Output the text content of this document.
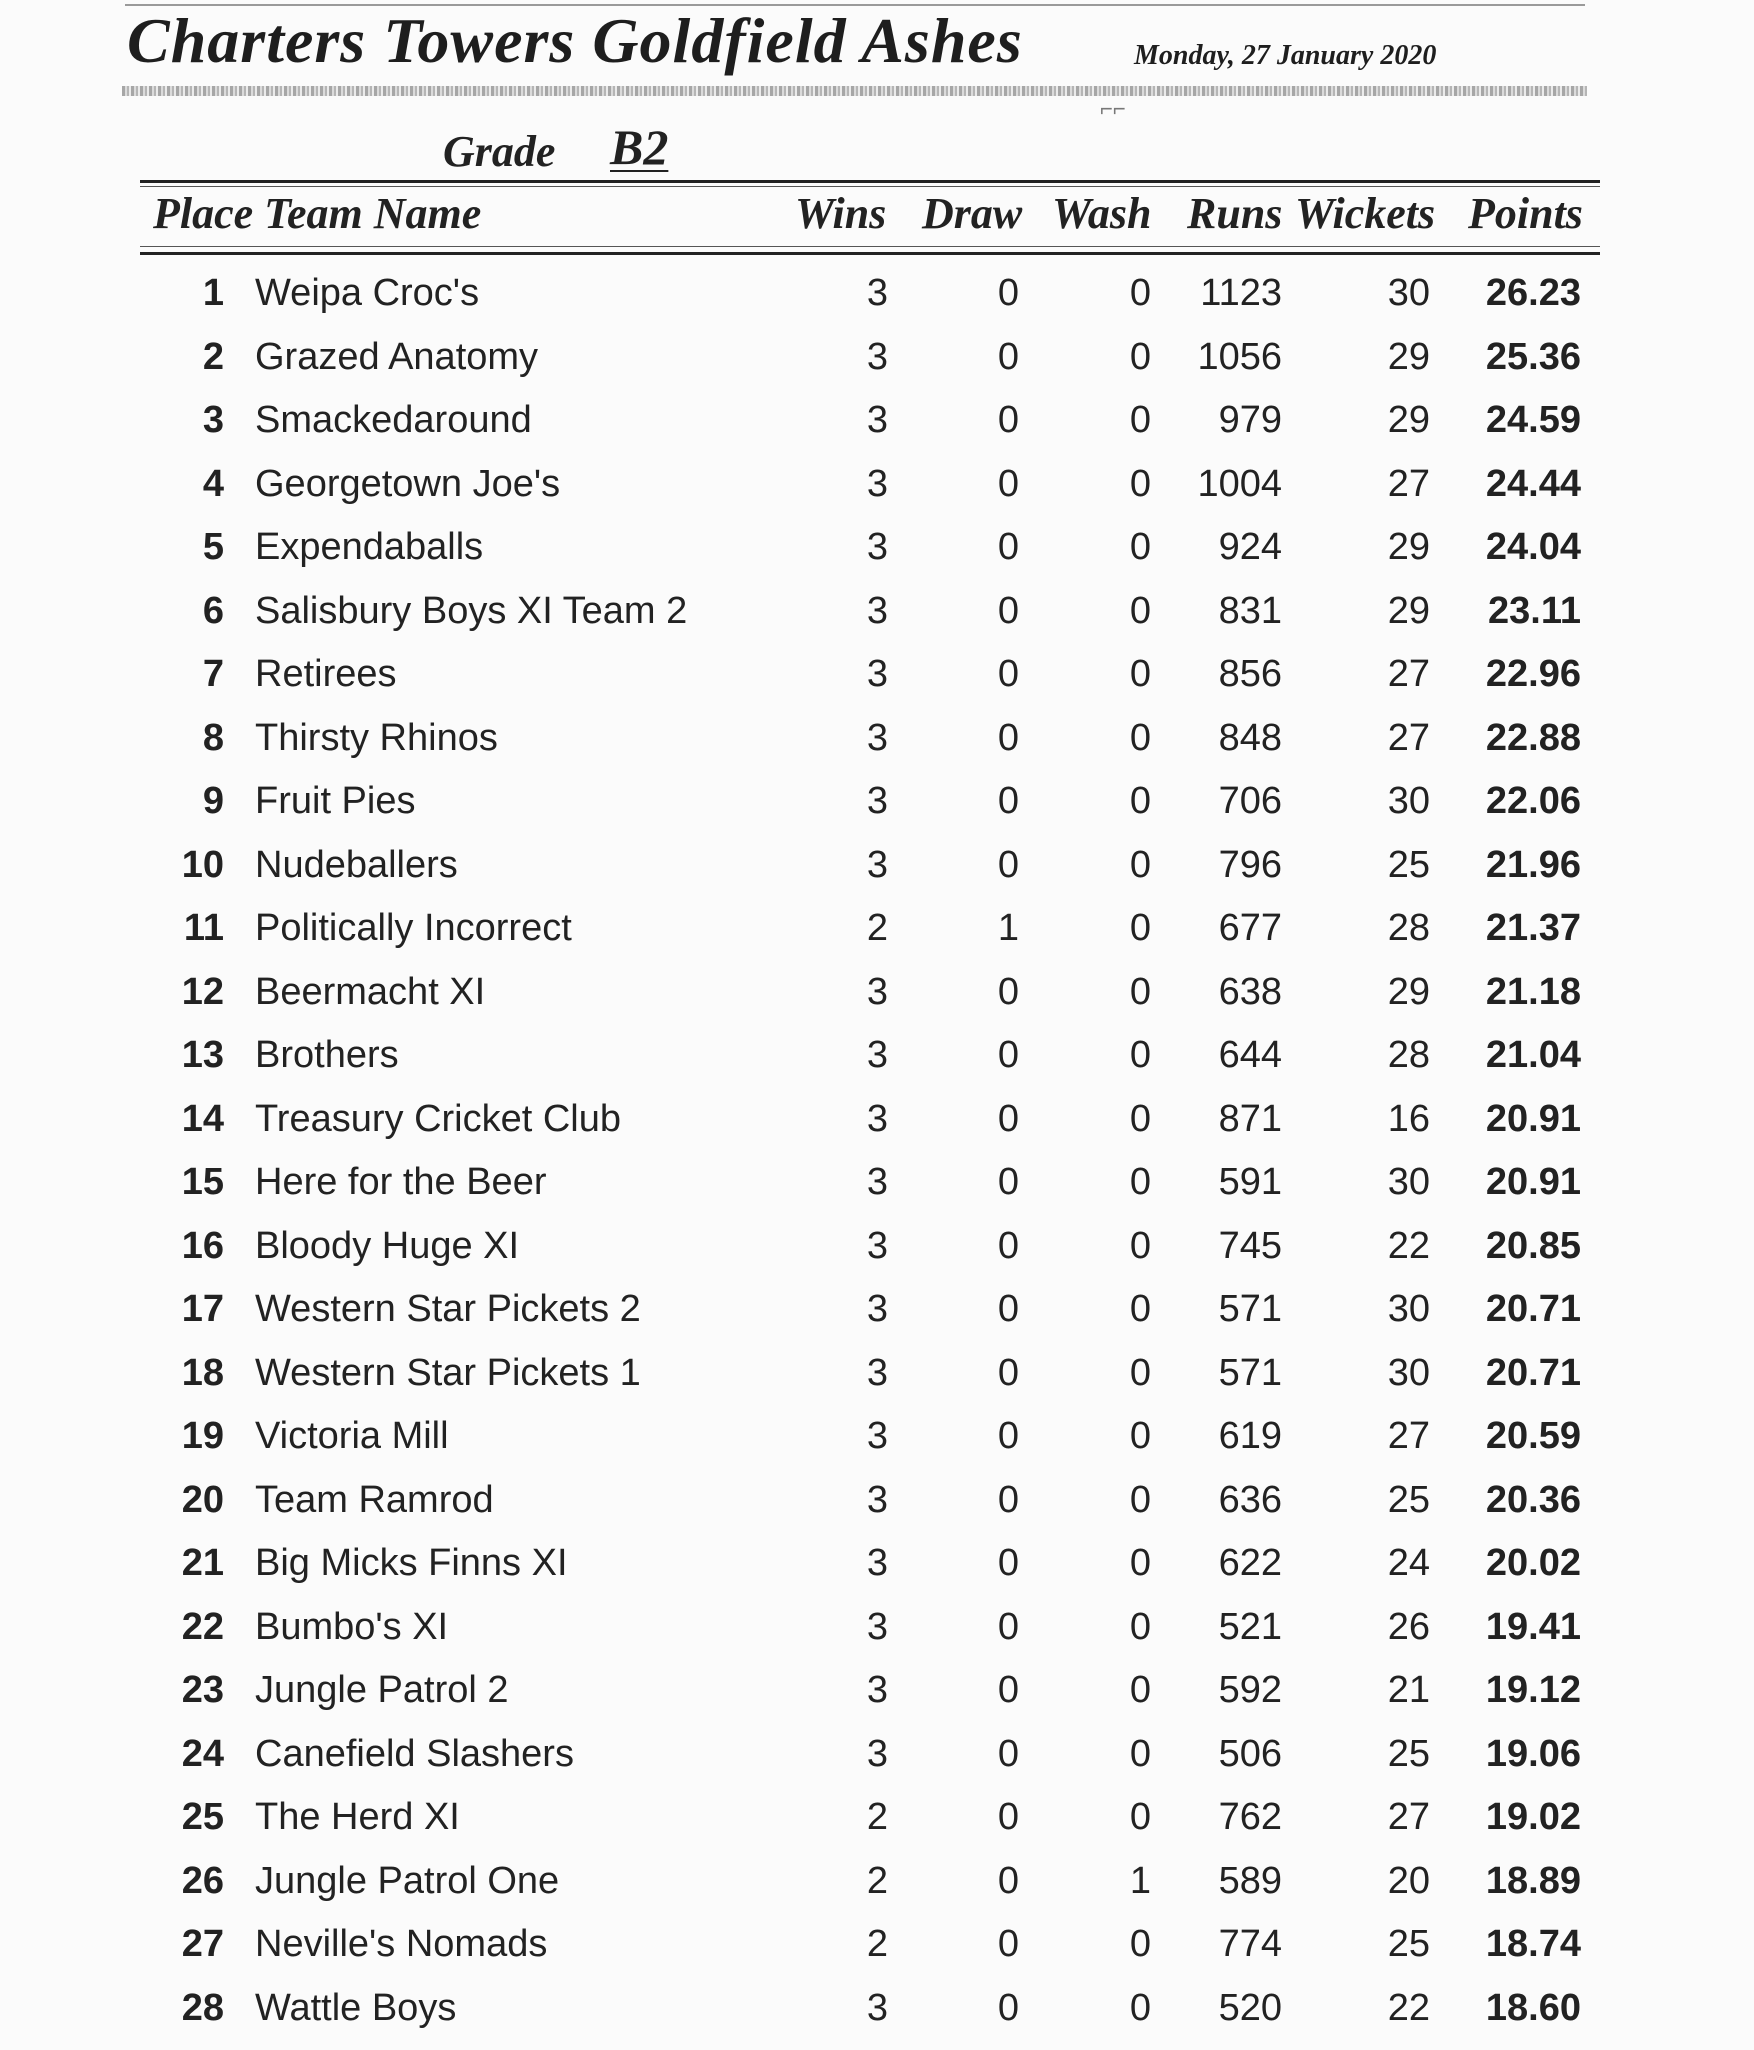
Charters Towers Goldfield Ashes	Monday, 27 January 2020
⌐⌐
Grade B2
Place Team Name	Wins Draw Wash Runs Wickets Points
1 Weipa Croc's	3	0	0 1123	30 26.23
2 Grazed Anatomy	3	0	0 1056	29 25.36
3 Smackedaround	3	0	0 979	29 24.59
4 Georgetown Joe's	3	0	0 1004	27 24.44
5 Expendaballs	3	0	0 924	29 24.04
6 Salisbury Boys XI Team 2	3	0	0 831	29 23.11
7 Retirees	3	0	0 856	27 22.96
8 Thirsty Rhinos	3	0	0 848	27 22.88
9 Fruit Pies	3	0	0 706	30 22.06
10 Nudeballers	3	0	0 796	25 21.96
11 Politically Incorrect	2	1	0 677	28 21.37
12 Beermacht XI	3	0	0 638	29 21.18
13 Brothers	3	0	0 644	28 21.04
14 Treasury Cricket Club	3	0	0 871	16 20.91
15 Here for the Beer	3	0	0 591	30 20.91
16 Bloody Huge XI	3	0	0 745	22 20.85
17 Western Star Pickets 2	3	0	0 571	30 20.71
18 Western Star Pickets 1	3	0	0 571	30 20.71
19 Victoria Mill	3	0	0 619	27 20.59
20 Team Ramrod	3	0	0 636	25 20.36
21 Big Micks Finns XI	3	0	0 622	24 20.02
22 Bumbo's XI	3	0	0 521	26 19.41
23 Jungle Patrol 2	3	0	0 592	21 19.12
24 Canefield Slashers	3	0	0 506	25 19.06
25 The Herd XI	2	0	0 762	27 19.02
26 Jungle Patrol One	2	0	1 589	20 18.89
27 Neville's Nomads	2	0	0 774	25 18.74
28 Wattle Boys	3	0	0 520	22 18.60
